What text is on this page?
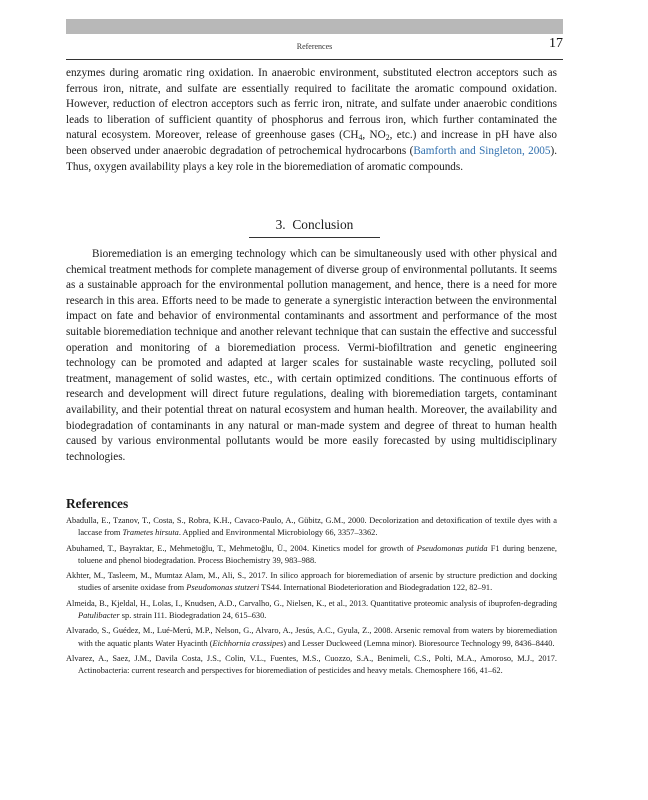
References	17

enzymes during aromatic ring oxidation. In anaerobic environment, substituted electron acceptors such as ferrous iron, nitrate, and sulfate are essentially required to facilitate the aromatic compound oxidation. However, reduction of electron acceptors such as ferric iron, nitrate, and sulfate under anaerobic conditions leads to liberation of sufficient quantity of phosphorus and ferrous iron, which further contaminated the natural ecosystem. Moreover, release of greenhouse gases ($CH_4$, $NO_2$, etc.) and increase in pH have also been observed under anaerobic degradation of petrochemical hydrocarbons (Bamforth and Singleton, 2005). Thus, oxygen availability plays a key role in the bioremediation of aromatic compounds.

3. Conclusion

Bioremediation is an emerging technology which can be simultaneously used with other physical and chemical treatment methods for complete management of diverse group of environmental pollutants. It seems as a sustainable approach for the environmental pollution management, and hence, there is a need for more research in this area. Efforts need to be made to generate a synergistic interaction between the environmental impact on fate and behavior of environmental contaminants and assortment and performance of the most suitable bioremediation technique and another relevant technique that can sustain the effective and successful operation and monitoring of a bioremediation process. Vermi-biofiltration and genetic engineering technology can be promoted and adapted at larger scales for sustainable waste recycling, polluted soil treatment, management of solid wastes, etc., with certain optimized conditions. The continuous efforts of research and development will direct future regulations, dealing with bioremediation targets, contaminant availability, and their potential threat on natural ecosystem and human health. Moreover, the availability and biodegradation of contaminants in any natural or man-made system and degree of threat to human health caused by various environmental pollutants would be more easily forecasted by using multidisciplinary technologies.

References
Abadulla, E., Tzanov, T., Costa, S., Robra, K.H., Cavaco-Paulo, A., Gübitz, G.M., 2000. Decolorization and detoxification of textile dyes with a laccase from Trametes hirsuta. Applied and Environmental Microbiology 66, 3357–3362.
Abuhamed, T., Bayraktar, E., Mehmetoğlu, T., Mehmetoğlu, Ü., 2004. Kinetics model for growth of Pseudomonas putida F1 during benzene, toluene and phenol biodegradation. Process Biochemistry 39, 983–988.
Akhter, M., Tasleem, M., Mumtaz Alam, M., Ali, S., 2017. In silico approach for bioremediation of arsenic by structure prediction and docking studies of arsenite oxidase from Pseudomonas stutzeri TS44. International Biodeterioration and Biodegradation 122, 82–91.
Almeida, B., Kjeldal, H., Lolas, I., Knudsen, A.D., Carvalho, G., Nielsen, K., et al., 2013. Quantitative proteomic analysis of ibuprofen-degrading Patulibacter sp. strain I11. Biodegradation 24, 615–630.
Alvarado, S., Guédez, M., Lué-Merú, M.P., Nelson, G., Alvaro, A., Jesús, A.C., Gyula, Z., 2008. Arsenic removal from waters by bioremediation with the aquatic plants Water Hyacinth (Eichhornia crassipes) and Lesser Duckweed (Lemna minor). Bioresource Technology 99, 8436–8440.
Alvarez, A., Saez, J.M., Davila Costa, J.S., Colin, V.L., Fuentes, M.S., Cuozzo, S.A., Benimeli, C.S., Polti, M.A., Amoroso, M.J., 2017. Actinobacteria: current research and perspectives for bioremediation of pesticides and heavy metals. Chemosphere 166, 41–62.
